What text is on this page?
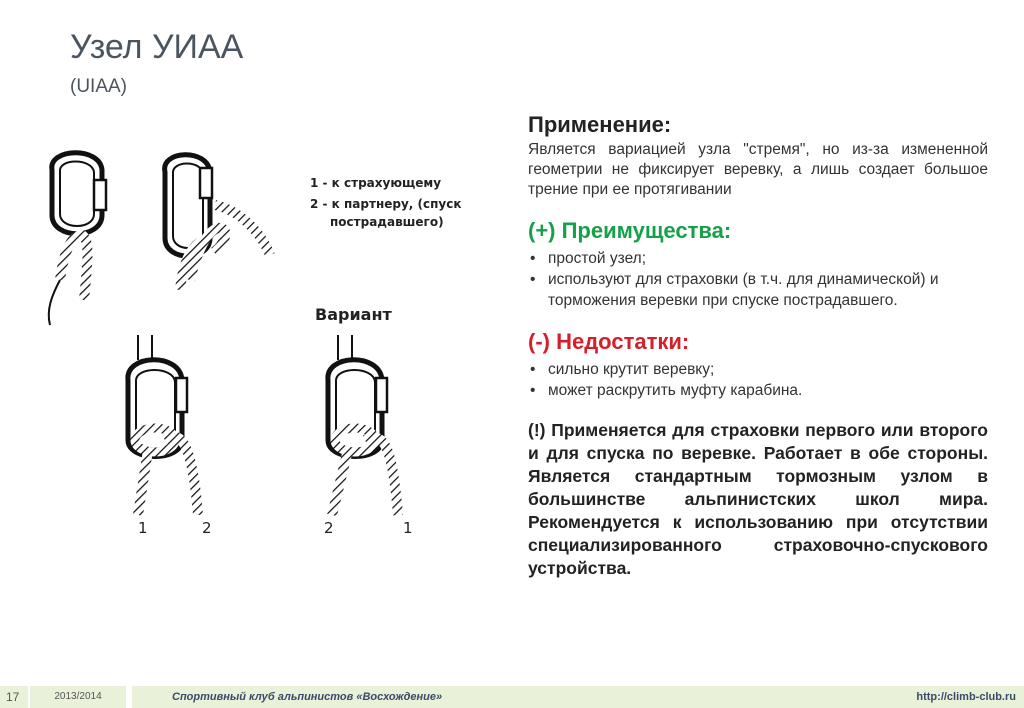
Узел УИАА
(UIAA)
1 - к страхующему
2 - к партнеру, (спуск
пострадавшего)
Вариант
1	2	2	1
Применение:

Является вариацией узла "стремя", но из-за измененной геометрии не фиксирует веревку, а лишь создает большое трение при ее протягивании

(+) Преимущества:
• простой узел;
• используют для страховки (в т.ч. для динамической) и торможения веревки при спуске пострадавшего.
(-) Недостатки:
• сильно крутит веревку;
• может раскрутить муфту карабина.
(!) Применяется для страховки первого или второго и для спуска по веревке. Работает в обе стороны. Является стандартным тормозным узлом в большинстве альпинистских школ мира. Рекомендуется к использованию при отсутствии специализированного страховочно-спускового устройства.
17	2013/2014	Спортивный клуб альпинистов «Восхождение»	http://climb-club.ru
